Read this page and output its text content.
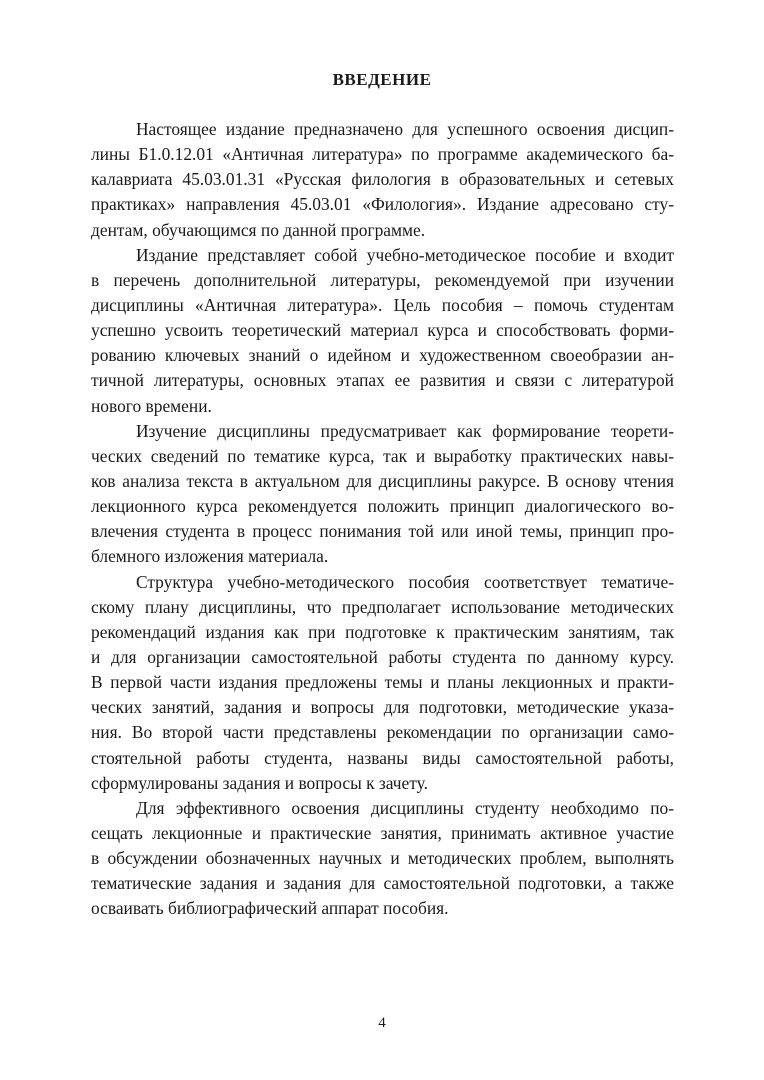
ВВЕДЕНИЕ
Настоящее издание предназначено для успешного освоения дисцип-
лины Б1.0.12.01 «Античная литература» по программе академического ба-
калавриата 45.03.01.31 «Русская филология в образовательных и сетевых
практиках» направления 45.03.01 «Филология». Издание адресовано сту-
дентам, обучающимся по данной программе.
Издание представляет собой учебно-методическое пособие и входит
в перечень дополнительной литературы, рекомендуемой при изучении
дисциплины «Античная литература». Цель пособия – помочь студентам
успешно усвоить теоретический материал курса и способствовать форми-
рованию ключевых знаний о идейном и художественном своеобразии ан-
тичной литературы, основных этапах ее развития и связи с литературой
нового времени.
Изучение дисциплины предусматривает как формирование теорети-
ческих сведений по тематике курса, так и выработку практических навы-
ков анализа текста в актуальном для дисциплины ракурсе. В основу чтения
лекционного курса рекомендуется положить принцип диалогического во-
влечения студента в процесс понимания той или иной темы, принцип про-
блемного изложения материала.
Структура учебно-методического пособия соответствует тематиче-
скому плану дисциплины, что предполагает использование методических
рекомендаций издания как при подготовке к практическим занятиям, так
и для организации самостоятельной работы студента по данному курсу.
В первой части издания предложены темы и планы лекционных и практи-
ческих занятий, задания и вопросы для подготовки, методические указа-
ния. Во второй части представлены рекомендации по организации само-
стоятельной работы студента, названы виды самостоятельной работы,
сформулированы задания и вопросы к зачету.
Для эффективного освоения дисциплины студенту необходимо по-
сещать лекционные и практические занятия, принимать активное участие
в обсуждении обозначенных научных и методических проблем, выполнять
тематические задания и задания для самостоятельной подготовки, а также
осваивать библиографический аппарат пособия.

4
